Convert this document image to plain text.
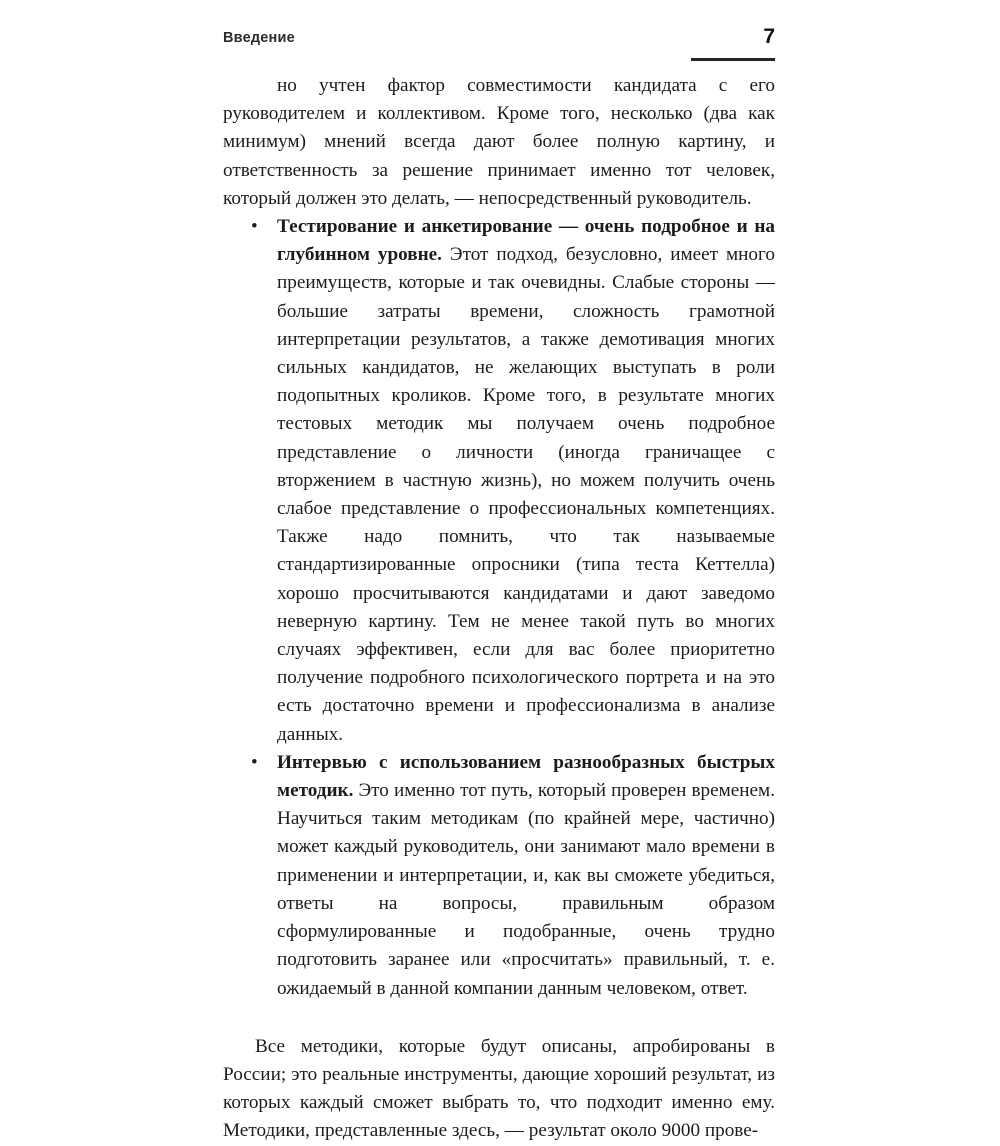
Введение	7

но учтен фактор совместимости кандидата с его руководителем и коллективом. Кроме того, несколько (два как минимум) мнений всегда дают более полную картину, и ответственность за решение принимает именно тот человек, который должен это делать, — непосредственный руководитель.

• Тестирование и анкетирование — очень подробное и на глубинном уровне. Этот подход, безусловно, имеет много преимуществ, которые и так очевидны. Слабые стороны — большие затраты времени, сложность грамотной интерпретации результатов, а также демотивация многих сильных кандидатов, не желающих выступать в роли подопытных кроликов. Кроме того, в результате многих тестовых методик мы получаем очень подробное представление о личности (иногда граничащее с вторжением в частную жизнь), но можем получить очень слабое представление о профессиональных компетенциях. Также надо помнить, что так называемые стандартизированные опросники (типа теста Кеттелла) хорошо просчитываются кандидатами и дают заведомо неверную картину. Тем не менее такой путь во многих случаях эффективен, если для вас более приоритетно получение подробного психологического портрета и на это есть достаточно времени и профессионализма в анализе данных.
• Интервью с использованием разнообразных быстрых методик. Это именно тот путь, который проверен временем. Научиться таким методикам (по крайней мере, частично) может каждый руководитель, они занимают мало времени в применении и интерпретации, и, как вы сможете убедиться, ответы на вопросы, правильным образом сформулированные и подобранные, очень трудно подготовить заранее или «просчитать» правильный, т. е. ожидаемый в данной компании данным человеком, ответ.

Все методики, которые будут описаны, апробированы в России; это реальные инструменты, дающие хороший результат, из которых каждый сможет выбрать то, что подходит именно ему. Методики, представленные здесь, — результат около 9000 прове-
